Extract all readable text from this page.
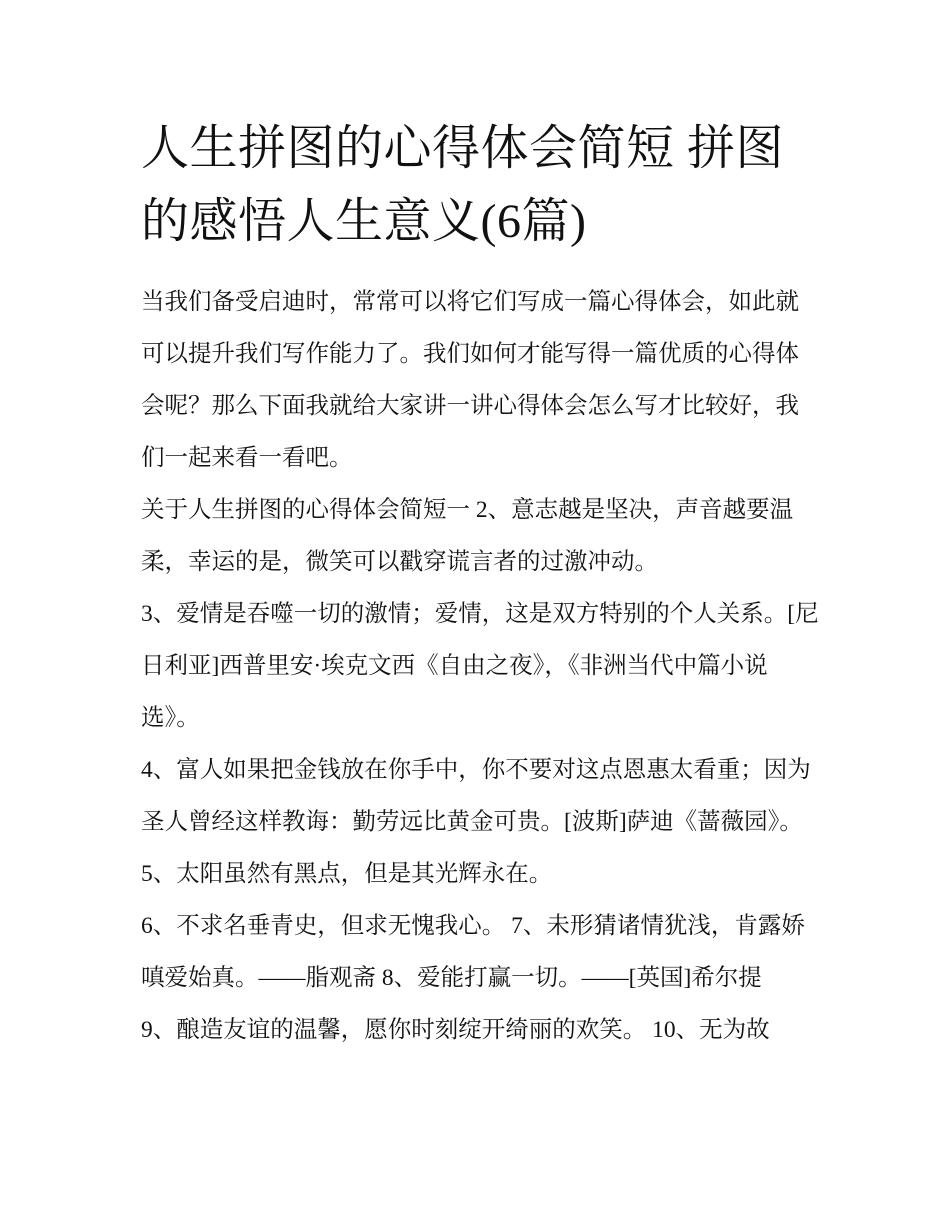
人生拼图的心得体会简短 拼图的感悟人生意义(6篇)

当我们备受启迪时，常常可以将它们写成一篇心得体会，如此就可以提升我们写作能力了。我们如何才能写得一篇优质的心得体会呢？那么下面我就给大家讲一讲心得体会怎么写才比较好，我们一起来看一看吧。

关于人生拼图的心得体会简短一 2、意志越是坚决，声音越要温柔，幸运的是，微笑可以戳穿谎言者的过激冲动。

3、爱情是吞噬一切的激情；爱情，这是双方特别的个人关系。[尼日利亚]西普里安·埃克文西《自由之夜》，《非洲当代中篇小说选》。

4、富人如果把金钱放在你手中，你不要对这点恩惠太看重；因为圣人曾经这样教诲：勤劳远比黄金可贵。[波斯]萨迪《蔷薇园》。 5、太阳虽然有黑点，但是其光辉永在。

6、不求名垂青史，但求无愧我心。 7、未形猜诸情犹浅，肯露娇嗔爱始真。——脂观斋 8、爱能打赢一切。——[英国]希尔提

9、酿造友谊的温馨，愿你时刻绽开绮丽的欢笑。 10、无为故
